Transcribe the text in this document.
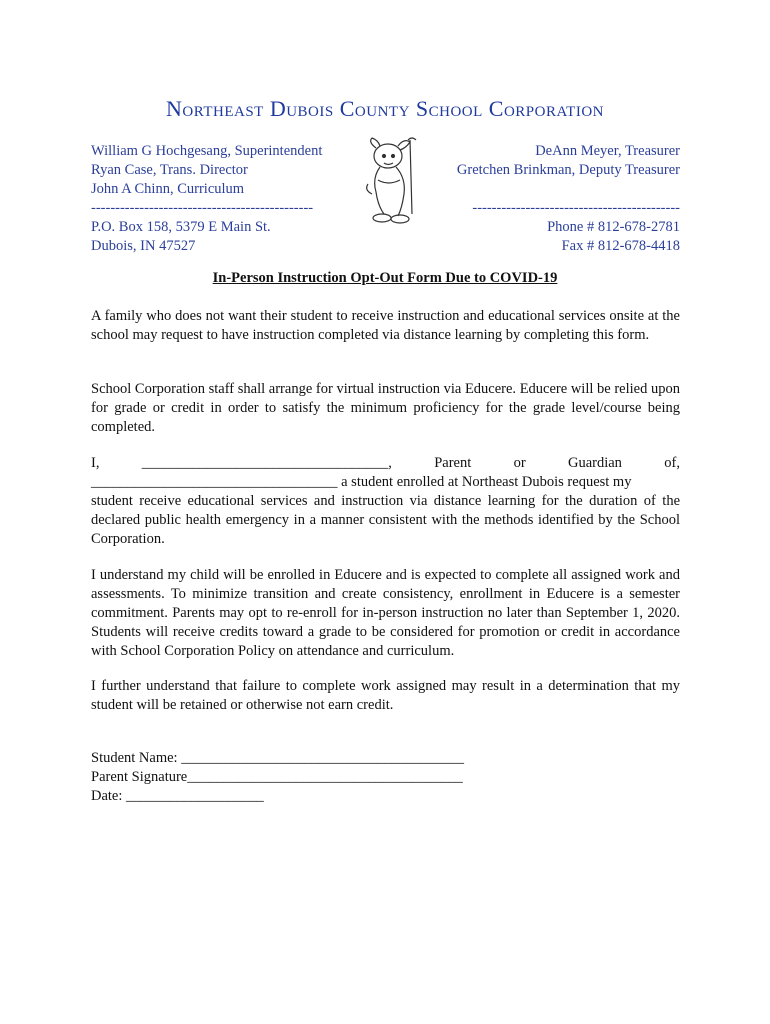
Northeast Dubois County School Corporation
William G Hochgesang, Superintendent
Ryan Case, Trans. Director
John A Chinn, Curriculum
----------------------------------------------
P.O. Box 158, 5379 E Main St.
Dubois, IN 47527
DeAnn Meyer, Treasurer
Gretchen Brinkman, Deputy Treasurer
-------------------------------------------
Phone # 812-678-2781
Fax # 812-678-4418
In-Person Instruction Opt-Out Form Due to COVID-19
A family who does not want their student to receive instruction and educational services onsite at the school may request to have instruction completed via distance learning by completing this form.
School Corporation staff shall arrange for virtual instruction via Educere. Educere will be relied upon for grade or credit in order to satisfy the minimum proficiency for the grade level/course being completed.
I,	__________________________________,	Parent	or	Guardian	of,
__________________________________ a student enrolled at Northeast Dubois request my
student receive educational services and instruction via distance learning for the duration of the declared public health emergency in a manner consistent with the methods identified by the School Corporation.
I understand my child will be enrolled in Educere and is expected to complete all assigned work and assessments. To minimize transition and create consistency, enrollment in Educere is a semester commitment. Parents may opt to re-enroll for in-person instruction no later than September 1, 2020. Students will receive credits toward a grade to be considered for promotion or credit in accordance with School Corporation Policy on attendance and curriculum.
I further understand that failure to complete work assigned may result in a determination that my student will be retained or otherwise not earn credit.
Student Name: _______________________________________
Parent Signature______________________________________
Date: ___________________
